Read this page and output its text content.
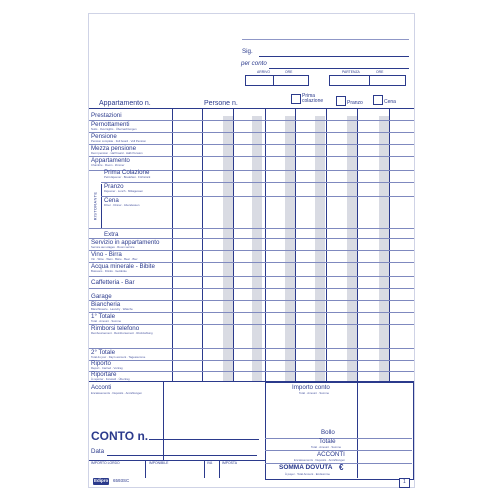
Sig.
per conto
ARRIVO	ORE	PARTENZA	ORE
Appartamento n.	Persone n.
Prima
colazione	Pranzo	Cena
RISTORANTE
Prestazioni
Pernottamenti
Nuits · Overnights · Übernachtungen
Pensione
Pension complète · Full board · Voll Pension
Mezza pensione
Demi pension · Half board · Halb Pension
Appartamento
Chambre · Room · Zimmer
Prima Colazione
Petit déjeuner · Breakfast · Frühstück
Pranzo
Déjeuner · Lunch · Mittagessen
Cena
Dîner · Dinner · Abendessen
Extra
Servizio in appartamento
Service aux étages · Room service
Vino - Birra
Vin · Wine · Wein · Bière · Beer · Bier
Acqua minerale - Bibite
Boissons · Drinks · Getränke
Caffetteria - Bar
Garage
Biancheria
Blanchisserie · Laundry · Wäsche
1° Totale
Total · Amount · Summe
Rimborsi telefono
Remboursement · Reimbursement · Rückzahlung
2° Totale
Total du jour · Day's account · Tagessumme
Riporto
Report · Carried · Vortrag
Riportare
À reporter · Forward · Übertrag
Acconti
Encaissements · Deposits · Anzahlungen
CONTO n.
Data
Importo conto
Total · Amount · Summe
Bollo
Totale
Total · Amount · Summe
ACCONTI
Encaissements · Deposits · Anzahlungen
SOMMA DOVUTA €
À payer · Total Amount · Endsumme
IMPORTO LORDO	IMPONIBILE	IVA	IMPOSTA
Edipro 6593SC	1
